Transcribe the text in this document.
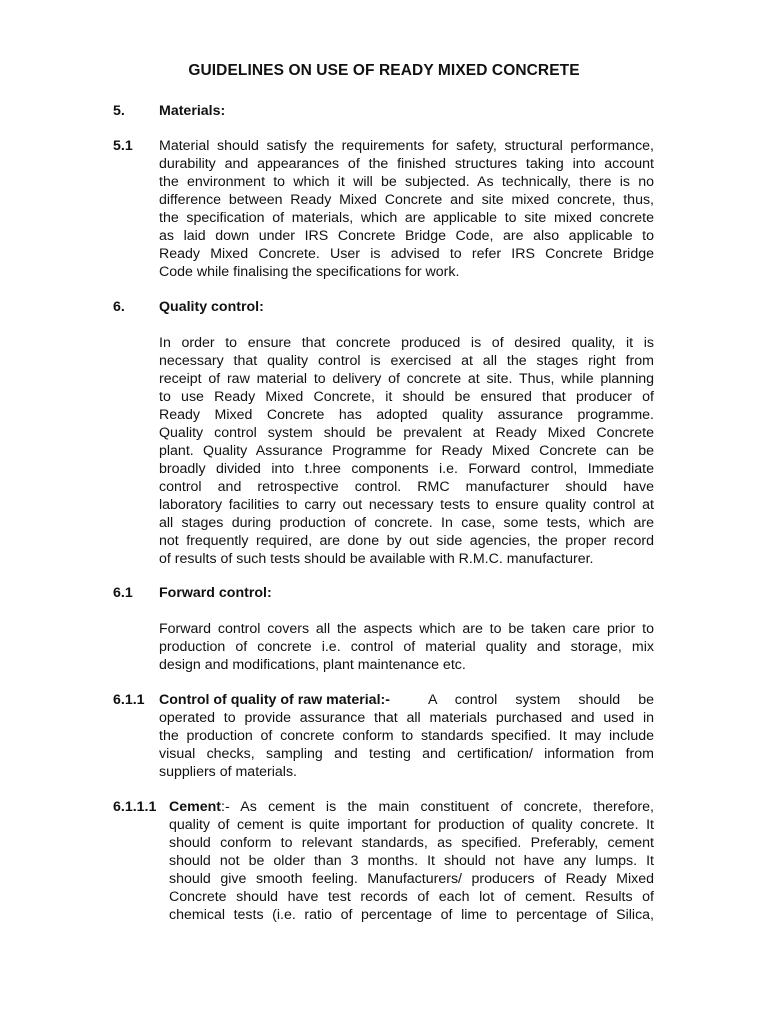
GUIDELINES ON USE OF READY MIXED CONCRETE
5. Materials:
5.1 Material should satisfy the requirements for safety, structural performance,
durability and appearances of the finished structures taking into account
the environment to which it will be subjected. As technically, there is no
difference between Ready Mixed Concrete and site mixed concrete, thus,
the specification of materials, which are applicable to site mixed concrete
as laid down under IRS Concrete Bridge Code, are also applicable to
Ready Mixed Concrete. User is advised to refer IRS Concrete Bridge
Code while finalising the specifications for work.
6. Quality control:
In order to ensure that concrete produced is of desired quality, it is
necessary that quality control is exercised at all the stages right from
receipt of raw material to delivery of concrete at site. Thus, while planning
to use Ready Mixed Concrete, it should be ensured that producer of
Ready Mixed Concrete has adopted quality assurance programme.
Quality control system should be prevalent at Ready Mixed Concrete
plant. Quality Assurance Programme for Ready Mixed Concrete can be
broadly divided into t.hree components i.e. Forward control, Immediate
control and retrospective control. RMC manufacturer should have
laboratory facilities to carry out necessary tests to ensure quality control at
all stages during production of concrete. In case, some tests, which are
not frequently required, are done by out side agencies, the proper record
of results of such tests should be available with R.M.C. manufacturer.
6.1 Forward control:
Forward control covers all the aspects which are to be taken care prior to
production of concrete i.e. control of material quality and storage, mix
design and modifications, plant maintenance etc.
6.1.1 Control of quality of raw material:-	A control system should be
operated to provide assurance that all materials purchased and used in
the production of concrete conform to standards specified. It may include
visual checks, sampling and testing and certification/ information from
suppliers of materials.
6.1.1.1 Cement :- As cement is the main constituent of concrete, therefore,
quality of cement is quite important for production of quality concrete. It
should conform to relevant standards, as specified. Preferably, cement
should not be older than 3 months. It should not have any lumps. It
should give smooth feeling. Manufacturers/ producers of Ready Mixed
Concrete should have test records of each lot of cement. Results of
chemical tests (i.e. ratio of percentage of lime to percentage of Silica,
